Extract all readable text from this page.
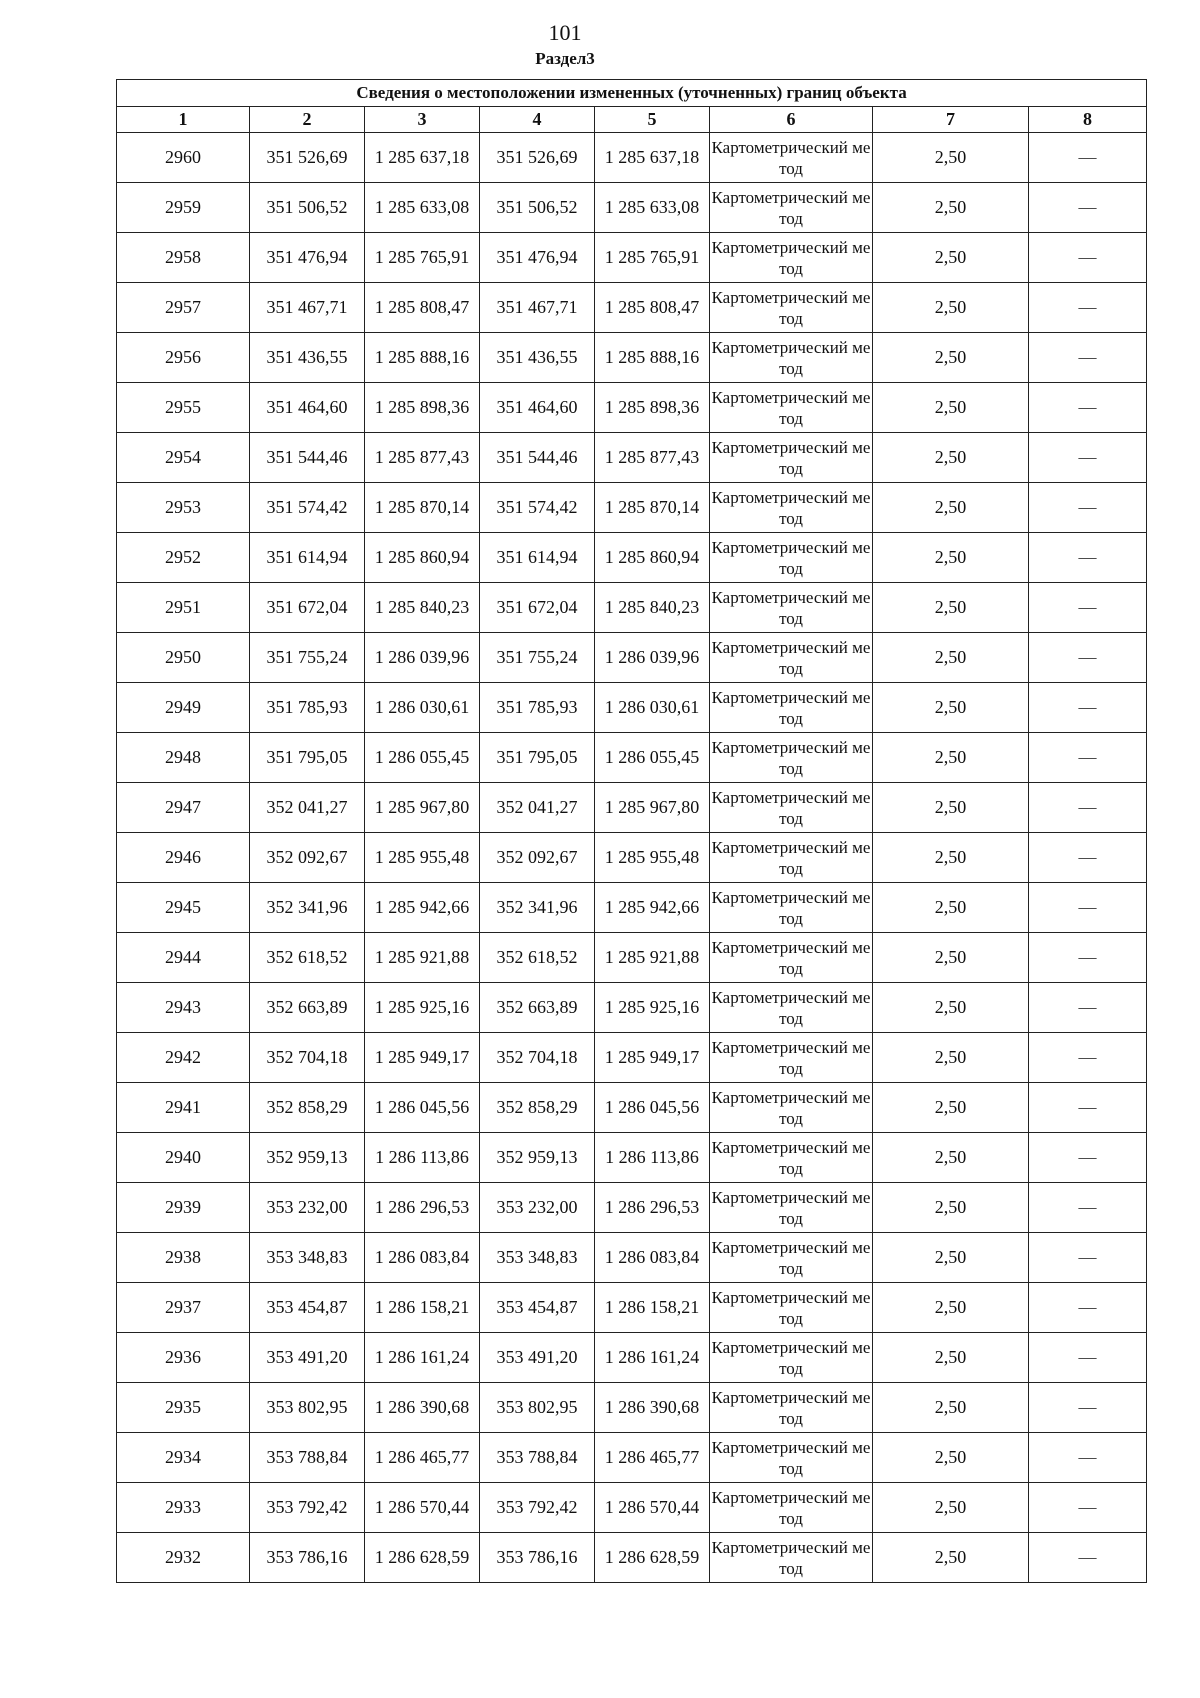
101
Раздел3
Сведения о местоположении измененных (уточненных) границ объекта							
1	2	3	4	5	6	7	8
2960	351 526,69	1 285 637,18	351 526,69	1 285 637,18	Картометрический метод	2,50	—
2959	351 506,52	1 285 633,08	351 506,52	1 285 633,08	Картометрический метод	2,50	—
2958	351 476,94	1 285 765,91	351 476,94	1 285 765,91	Картометрический метод	2,50	—
2957	351 467,71	1 285 808,47	351 467,71	1 285 808,47	Картометрический метод	2,50	—
2956	351 436,55	1 285 888,16	351 436,55	1 285 888,16	Картометрический метод	2,50	—
2955	351 464,60	1 285 898,36	351 464,60	1 285 898,36	Картометрический метод	2,50	—
2954	351 544,46	1 285 877,43	351 544,46	1 285 877,43	Картометрический метод	2,50	—
2953	351 574,42	1 285 870,14	351 574,42	1 285 870,14	Картометрический метод	2,50	—
2952	351 614,94	1 285 860,94	351 614,94	1 285 860,94	Картометрический метод	2,50	—
2951	351 672,04	1 285 840,23	351 672,04	1 285 840,23	Картометрический метод	2,50	—
2950	351 755,24	1 286 039,96	351 755,24	1 286 039,96	Картометрический метод	2,50	—
2949	351 785,93	1 286 030,61	351 785,93	1 286 030,61	Картометрический метод	2,50	—
2948	351 795,05	1 286 055,45	351 795,05	1 286 055,45	Картометрический метод	2,50	—
2947	352 041,27	1 285 967,80	352 041,27	1 285 967,80	Картометрический метод	2,50	—
2946	352 092,67	1 285 955,48	352 092,67	1 285 955,48	Картометрический метод	2,50	—
2945	352 341,96	1 285 942,66	352 341,96	1 285 942,66	Картометрический метод	2,50	—
2944	352 618,52	1 285 921,88	352 618,52	1 285 921,88	Картометрический метод	2,50	—
2943	352 663,89	1 285 925,16	352 663,89	1 285 925,16	Картометрический метод	2,50	—
2942	352 704,18	1 285 949,17	352 704,18	1 285 949,17	Картометрический метод	2,50	—
2941	352 858,29	1 286 045,56	352 858,29	1 286 045,56	Картометрический метод	2,50	—
2940	352 959,13	1 286 113,86	352 959,13	1 286 113,86	Картометрический метод	2,50	—
2939	353 232,00	1 286 296,53	353 232,00	1 286 296,53	Картометрический метод	2,50	—
2938	353 348,83	1 286 083,84	353 348,83	1 286 083,84	Картометрический метод	2,50	—
2937	353 454,87	1 286 158,21	353 454,87	1 286 158,21	Картометрический метод	2,50	—
2936	353 491,20	1 286 161,24	353 491,20	1 286 161,24	Картометрический метод	2,50	—
2935	353 802,95	1 286 390,68	353 802,95	1 286 390,68	Картометрический метод	2,50	—
2934	353 788,84	1 286 465,77	353 788,84	1 286 465,77	Картометрический метод	2,50	—
2933	353 792,42	1 286 570,44	353 792,42	1 286 570,44	Картометрический метод	2,50	—
2932	353 786,16	1 286 628,59	353 786,16	1 286 628,59	Картометрический метод	2,50	—
